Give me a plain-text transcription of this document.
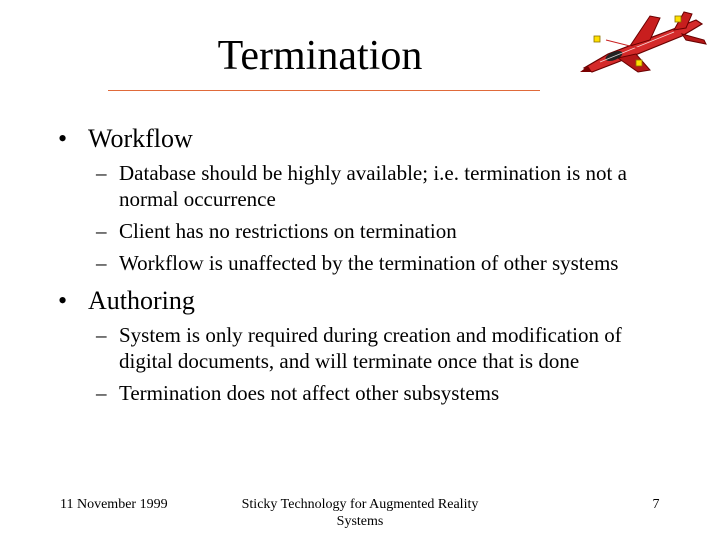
Termination

• Workflow

– Database should be highly available; i.e. termination is not a normal occurrence

– Client has no restrictions on termination

– Workflow is unaffected by the termination of other systems

• Authoring

– System is only required during creation and modification of digital documents, and will terminate once that is done

– Termination does not affect other subsystems

11 November 1999	Sticky Technology for Augmented Reality Systems
7
